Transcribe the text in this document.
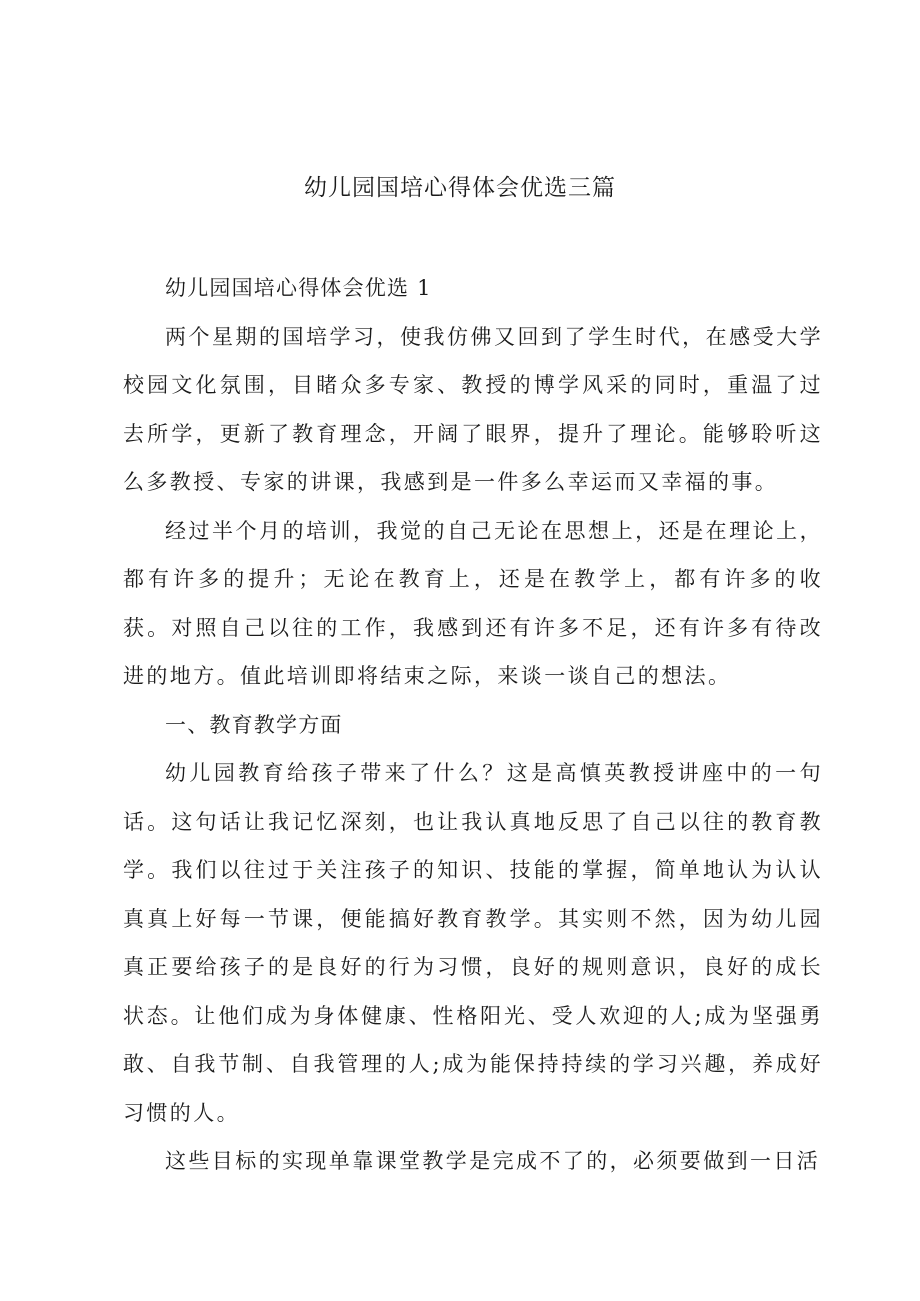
幼儿园国培心得体会优选三篇

幼儿园国培心得体会优选 1

两个星期的国培学习，使我仿佛又回到了学生时代，在感受大学校园文化氛围，目睹众多专家、教授的博学风采的同时，重温了过去所学，更新了教育理念，开阔了眼界，提升了理论。能够聆听这么多教授、专家的讲课，我感到是一件多么幸运而又幸福的事。

经过半个月的培训，我觉的自己无论在思想上，还是在理论上，都有许多的提升；无论在教育上，还是在教学上，都有许多的收获。对照自己以往的工作，我感到还有许多不足，还有许多有待改进的地方。值此培训即将结束之际，来谈一谈自己的想法。

一、教育教学方面

幼儿园教育给孩子带来了什么？这是高慎英教授讲座中的一句话。这句话让我记忆深刻，也让我认真地反思了自己以往的教育教学。我们以往过于关注孩子的知识、技能的掌握，简单地认为认认真真上好每一节课，便能搞好教育教学。其实则不然，因为幼儿园真正要给孩子的是良好的行为习惯，良好的规则意识，良好的成长状态。让他们成为身体健康、性格阳光、受人欢迎的人;成为坚强勇敢、自我节制、自我管理的人;成为能保持持续的学习兴趣，养成好习惯的人。

这些目标的实现单靠课堂教学是完成不了的，必须要做到一日活
